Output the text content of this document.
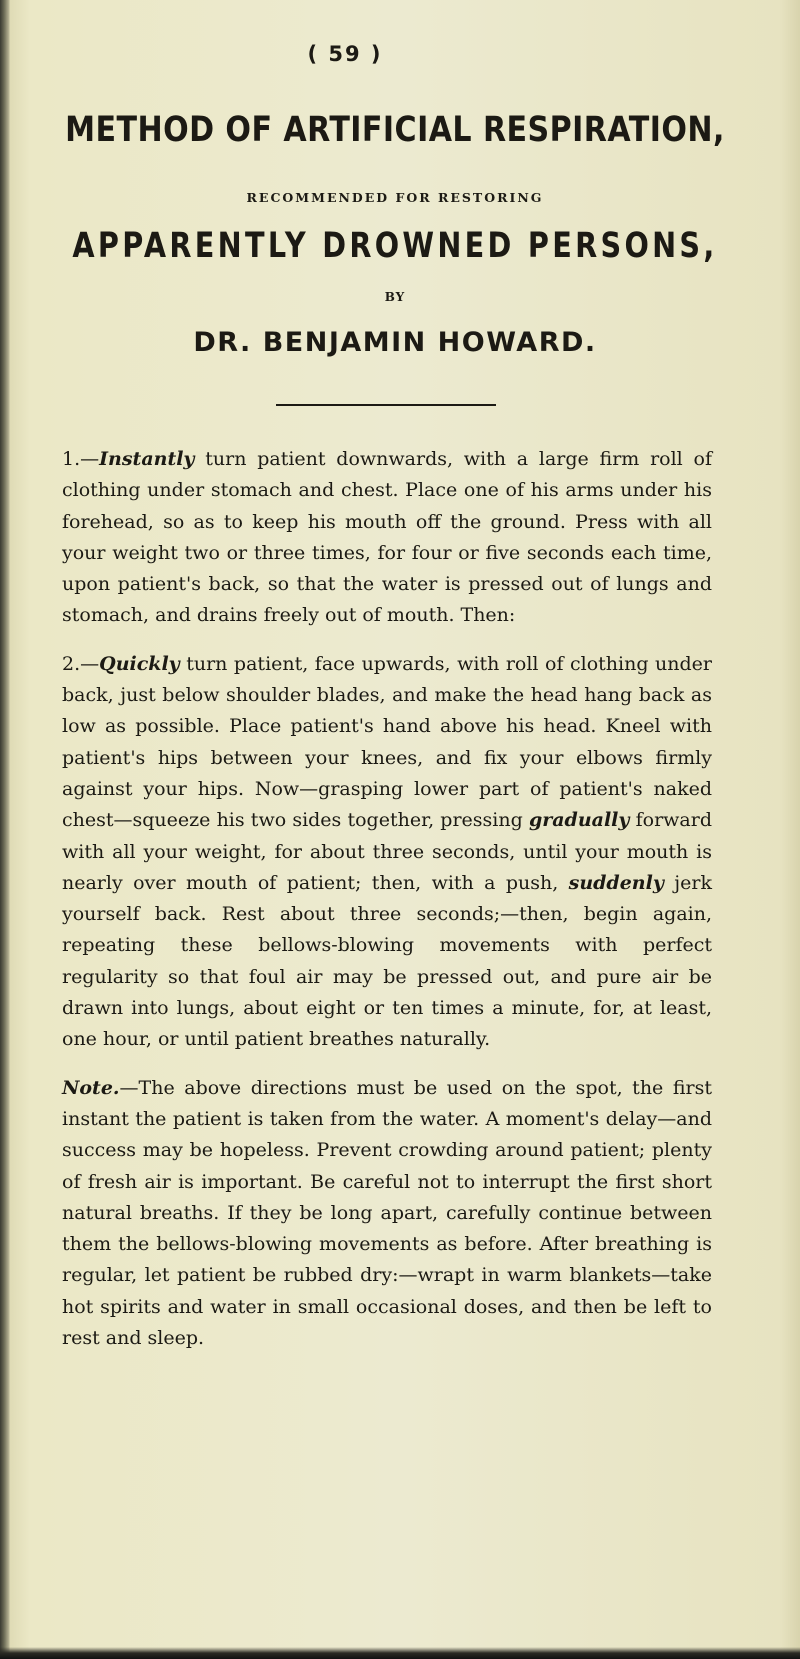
( 59 )
METHOD OF ARTIFICIAL RESPIRATION,
RECOMMENDED FOR RESTORING
APPARENTLY DROWNED PERSONS,
BY
DR. BENJAMIN HOWARD.

1.—Instantly turn patient downwards, with a large firm roll of clothing under stomach and chest. Place one of his arms under his forehead, so as to keep his mouth off the ground. Press with all your weight two or three times, for four or five seconds each time, upon patient's back, so that the water is pressed out of lungs and stomach, and drains freely out of mouth. Then:

2.—Quickly turn patient, face upwards, with roll of clothing under back, just below shoulder blades, and make the head hang back as low as possible. Place patient's hand above his head. Kneel with patient's hips between your knees, and fix your elbows firmly against your hips. Now—grasping lower part of patient's naked chest—squeeze his two sides together, pressing gradually forward with all your weight, for about three seconds, until your mouth is nearly over mouth of patient; then, with a push, suddenly jerk yourself back. Rest about three seconds;—then, begin again, repeating these bellows-blowing movements with perfect regularity so that foul air may be pressed out, and pure air be drawn into lungs, about eight or ten times a minute, for, at least, one hour, or until patient breathes naturally.

Note.—The above directions must be used on the spot, the first instant the patient is taken from the water. A moment's delay—and success may be hopeless. Prevent crowding around patient; plenty of fresh air is important. Be careful not to interrupt the first short natural breaths. If they be long apart, carefully continue between them the bellows-blowing movements as before. After breathing is regular, let patient be rubbed dry:—wrapt in warm blankets—take hot spirits and water in small occasional doses, and then be left to rest and sleep.
